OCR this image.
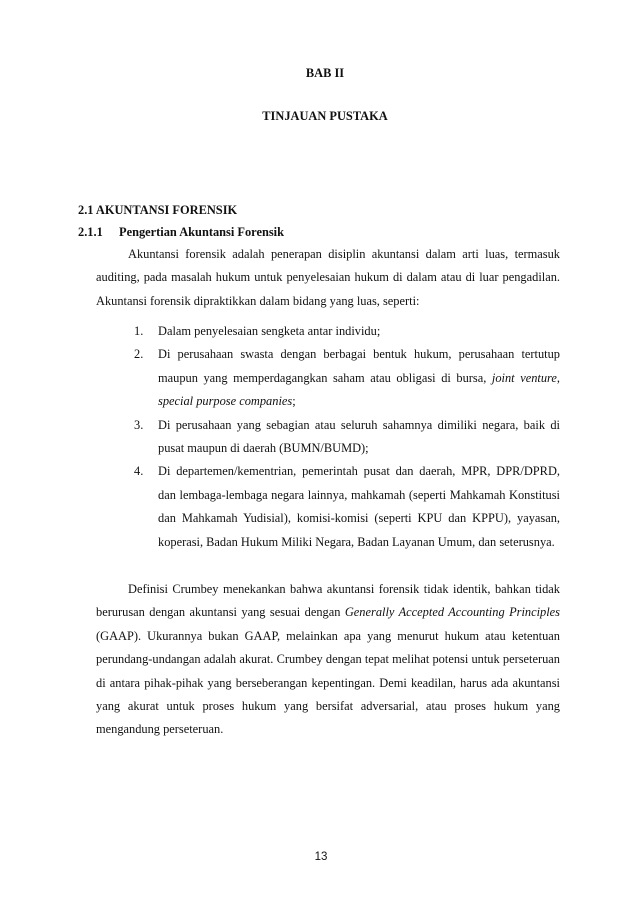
BAB II
TINJAUAN PUSTAKA
2.1 AKUNTANSI FORENSIK
2.1.1 Pengertian Akuntansi Forensik

Akuntansi forensik adalah penerapan disiplin akuntansi dalam arti luas, termasuk auditing, pada masalah hukum untuk penyelesaian hukum di dalam atau di luar pengadilan. Akuntansi forensik dipraktikkan dalam bidang yang luas, seperti:

1. Dalam penyelesaian sengketa antar individu;
2. Di perusahaan swasta dengan berbagai bentuk hukum, perusahaan tertutup maupun yang memperdagangkan saham atau obligasi di bursa, joint venture, special purpose companies;
3. Di perusahaan yang sebagian atau seluruh sahamnya dimiliki negara, baik di pusat maupun di daerah (BUMN/BUMD);
4. Di departemen/kementrian, pemerintah pusat dan daerah, MPR, DPR/DPRD, dan lembaga-lembaga negara lainnya, mahkamah (seperti Mahkamah Konstitusi dan Mahkamah Yudisial), komisi-komisi (seperti KPU dan KPPU), yayasan, koperasi, Badan Hukum Miliki Negara, Badan Layanan Umum, dan seterusnya.

Definisi Crumbey menekankan bahwa akuntansi forensik tidak identik, bahkan tidak berurusan dengan akuntansi yang sesuai dengan Generally Accepted Accounting Principles (GAAP). Ukurannya bukan GAAP, melainkan apa yang menurut hukum atau ketentuan perundang-undangan adalah akurat. Crumbey dengan tepat melihat potensi untuk perseteruan di antara pihak-pihak yang berseberangan kepentingan. Demi keadilan, harus ada akuntansi yang akurat untuk proses hukum yang bersifat adversarial, atau proses hukum yang mengandung perseteruan.

13
